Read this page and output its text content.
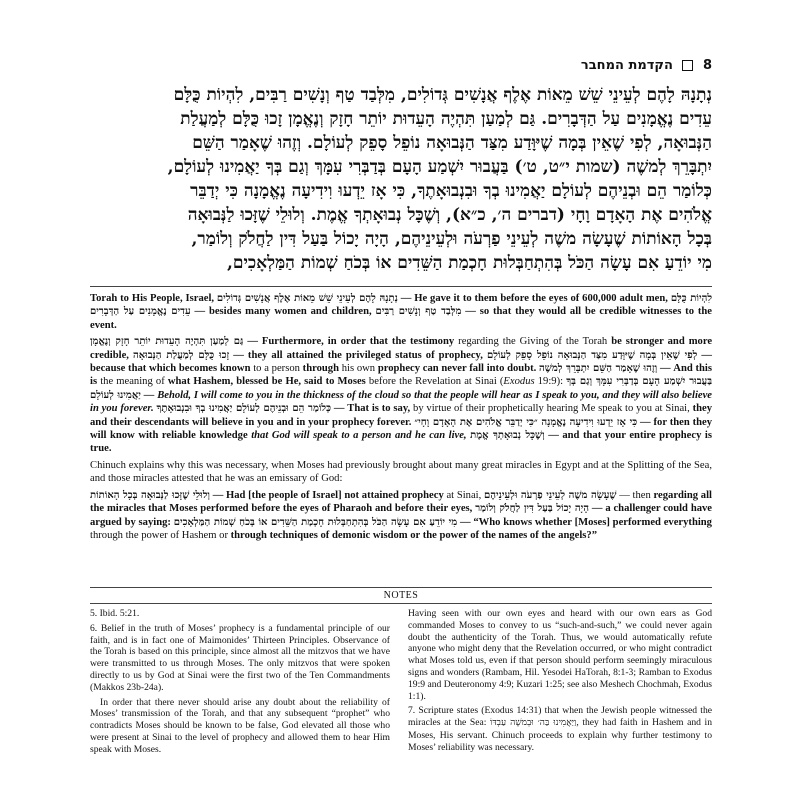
8  הקדמת המחבר

נְתָנָהּ לָהֶם לְעֵינֵי שֵׁשׁ מֵאוֹת אֶלֶף אֲנָשִׁים גְּדוֹלִים, מִלְּבַד טַף וְנָשִׁים רַבִּים, לִהְיוֹת כֻּלָּם

עֵדִים נֶאֱמָנִים עַל הַדְּבָרִים. גַּם לְמַעַן תִּהְיֶה הָעֵדוּת יוֹתֵר חָזָק וְנֶאֱמָן זָכוּ כֻּלָּם לְמַעֲלַת

הַנְּבוּאָה, לְפִי שֶׁאֵין בְּמָה שֶׁיּוָּדַע מִצַּד הַנְּבוּאָה נוֹפֵל סָפֵק לְעוֹלָם. וְזֶהוּ שֶׁאָמַר הַשֵּׁם

יִתְבָּרֵךְ לְמשֶׁה (שמות י״ט, ט׳) בַּעֲבוּר יִשְׁמַע הָעָם בְּדַבְּרִי עִמָּךְ וְגַם בְּךָ יַאֲמִינוּ לְעוֹלָם,

כְּלוֹמַר הֵם וּבְנֵיהֶם לְעוֹלָם יַאֲמִינוּ בְךָ וּבִנְבוּאָתֶךָ, כִּי אָז יֵדְעוּ וִידִיעָה נֶאֱמָנָה כִּי יְדַבֵּר

אֱלֹהִים אֶת הָאָדָם וָחָי (דברים ה׳, כ״א), וְשֶׁכָּל נְבוּאָתְךָ אֱמֶת. וְלוּלֵי שֶׁזָּכוּ לַנְּבוּאָה

בְּכָל הָאוֹתוֹת שֶׁעָשָׂה משֶׁה לְעֵינֵי פַרְעֹה וּלְעֵינֵיהֶם, הָיָה יָכוֹל בַּעַל דִּין לַחֲלֹק וְלוֹמַר,

מִי יוֹדֵעַ אִם עָשָׂה הַכֹּל בְּהִתְחַבְּלוּת חָכְמַת הַשֵּׁדִים אוֹ בְּכֹחַ שְׁמוֹת הַמַּלְאָכִים,

Torah to His People, Israel, נְתָנָהּ לָהֶם לְעֵינֵי שֵׁשׁ מֵאוֹת אֶלֶף אֲנָשִׁים גְּדוֹלִים — He gave it to them before the eyes of 600,000 adult men, לִהְיוֹת כֻּלָּם עֵדִים נֶאֱמָנִים עַל הַדְּבָרִים — besides many women and children, מִלְּבַד טַף וְנָשִׁים רַבִּים — so that they would all be credible witnesses to the event.

גַּם לְמַעַן תִּהְיֶה הָעֵדוּת יוֹתֵר חָזָק וְנֶאֱמָן — Furthermore, in order that the testimony regarding the Giving of the Torah be stronger and more credible, זָכוּ כֻּלָּם לְמַעֲלַת הַנְּבוּאָה — they all attained the privileged status of prophecy, לְפִי שֶׁאֵין בְּמָה שֶׁיּוָּדַע מִצַּד הַנְּבוּאָה נוֹפֵל סָפֵק לְעוֹלָם — because that which becomes known to a person through his own prophecy can never fall into doubt. וְזֶהוּ שֶׁאָמַר הַשֵּׁם יִתְבָּרֵךְ לְמשֶׁה — And this is the meaning of what Hashem, blessed be He, said to Moses before the Revelation at Sinai (Exodus 19:9): בַּעֲבוּר יִשְׁמַע הָעָם בְּדַבְּרִי עִמָּךְ וְגַם בְּךָ יַאֲמִינוּ לְעוֹלָם — Behold, I will come to you in the thickness of the cloud so that the people will hear as I speak to you, and they will also believe in you forever. כְּלוֹמַר הֵם וּבְנֵיהֶם לְעוֹלָם יַאֲמִינוּ בְךָ וּבִנְבוּאָתֶךָ — That is to say, by virtue of their prophetically hearing Me speak to you at Sinai, they and their descendants will believe in you and in your prophecy forever. כִּי אָז יֵדְעוּ וִידִיעָה נֶאֱמָנָה ״כִּי יְדַבֵּר אֱלֹהִים אֶת הָאָדָם וָחָי״ — for then they will know with reliable knowledge that God will speak to a person and he can live, וְשֶׁכָּל נְבוּאָתְךָ אֱמֶת — and that your entire prophecy is true.

Chinuch explains why this was necessary, when Moses had previously brought about many great miracles in Egypt and at the Splitting of the Sea, and those miracles attested that he was an emissary of God:

וְלוּלֵי שֶׁזָּכוּ לַנְּבוּאָה בְּכָל הָאוֹתוֹת — Had [the people of Israel] not attained prophecy at Sinai, שֶׁעָשָׂה משֶׁה לְעֵינֵי פַרְעֹה וּלְעֵינֵיהֶם — then regarding all the miracles that Moses performed before the eyes of Pharaoh and before their eyes, הָיָה יָכוֹל בַּעַל דִּין לַחֲלֹק וְלוֹמַר — a challenger could have argued by saying: מִי יוֹדֵעַ אִם עָשָׂה הַכֹּל בְּהִתְחַבְּלוּת חָכְמַת הַשֵּׁדִים אוֹ בְּכֹחַ שְׁמוֹת הַמַּלְאָכִים — “Who knows whether [Moses] performed everything through the power of Hashem or through techniques of demonic wisdom or the power of the names of the angels?”

NOTES

5. Ibid. 5:21.

6. Belief in the truth of Moses’ prophecy is a fundamental principle of our faith, and is in fact one of Maimonides’ Thirteen Principles. Observance of the Torah is based on this principle, since almost all the mitzvos that we have were transmitted to us through Moses. The only mitzvos that were spoken directly to us by God at Sinai were the first two of the Ten Commandments (Makkos 23b-24a).

In order that there never should arise any doubt about the reliability of Moses’ transmission of the Torah, and that any subsequent “prophet” who contradicts Moses should be known to be false, God elevated all those who were present at Sinai to the level of prophecy and allowed them to hear Him speak with Moses.

Having seen with our own eyes and heard with our own ears as God commanded Moses to convey to us “such-and-such,” we could never again doubt the authenticity of the Torah. Thus, we would automatically refute anyone who might deny that the Revelation occurred, or who might contradict what Moses told us, even if that person should perform seemingly miraculous signs and wonders (Rambam, Hil. Yesodei HaTorah, 8:1-3; Ramban to Exodus 19:9 and Deuteronomy 4:9; Kuzari 1:25; see also Meshech Chochmah, Exodus 1:1).

7. Scripture states (Exodus 14:31) that when the Jewish people witnessed the miracles at the Sea: וַיַּאֲמִינוּ בַּה׳ וּבְמשֶׁה עַבְדּוֹ, they had faith in Hashem and in Moses, His servant. Chinuch proceeds to explain why further testimony to Moses’ reliability was necessary.
